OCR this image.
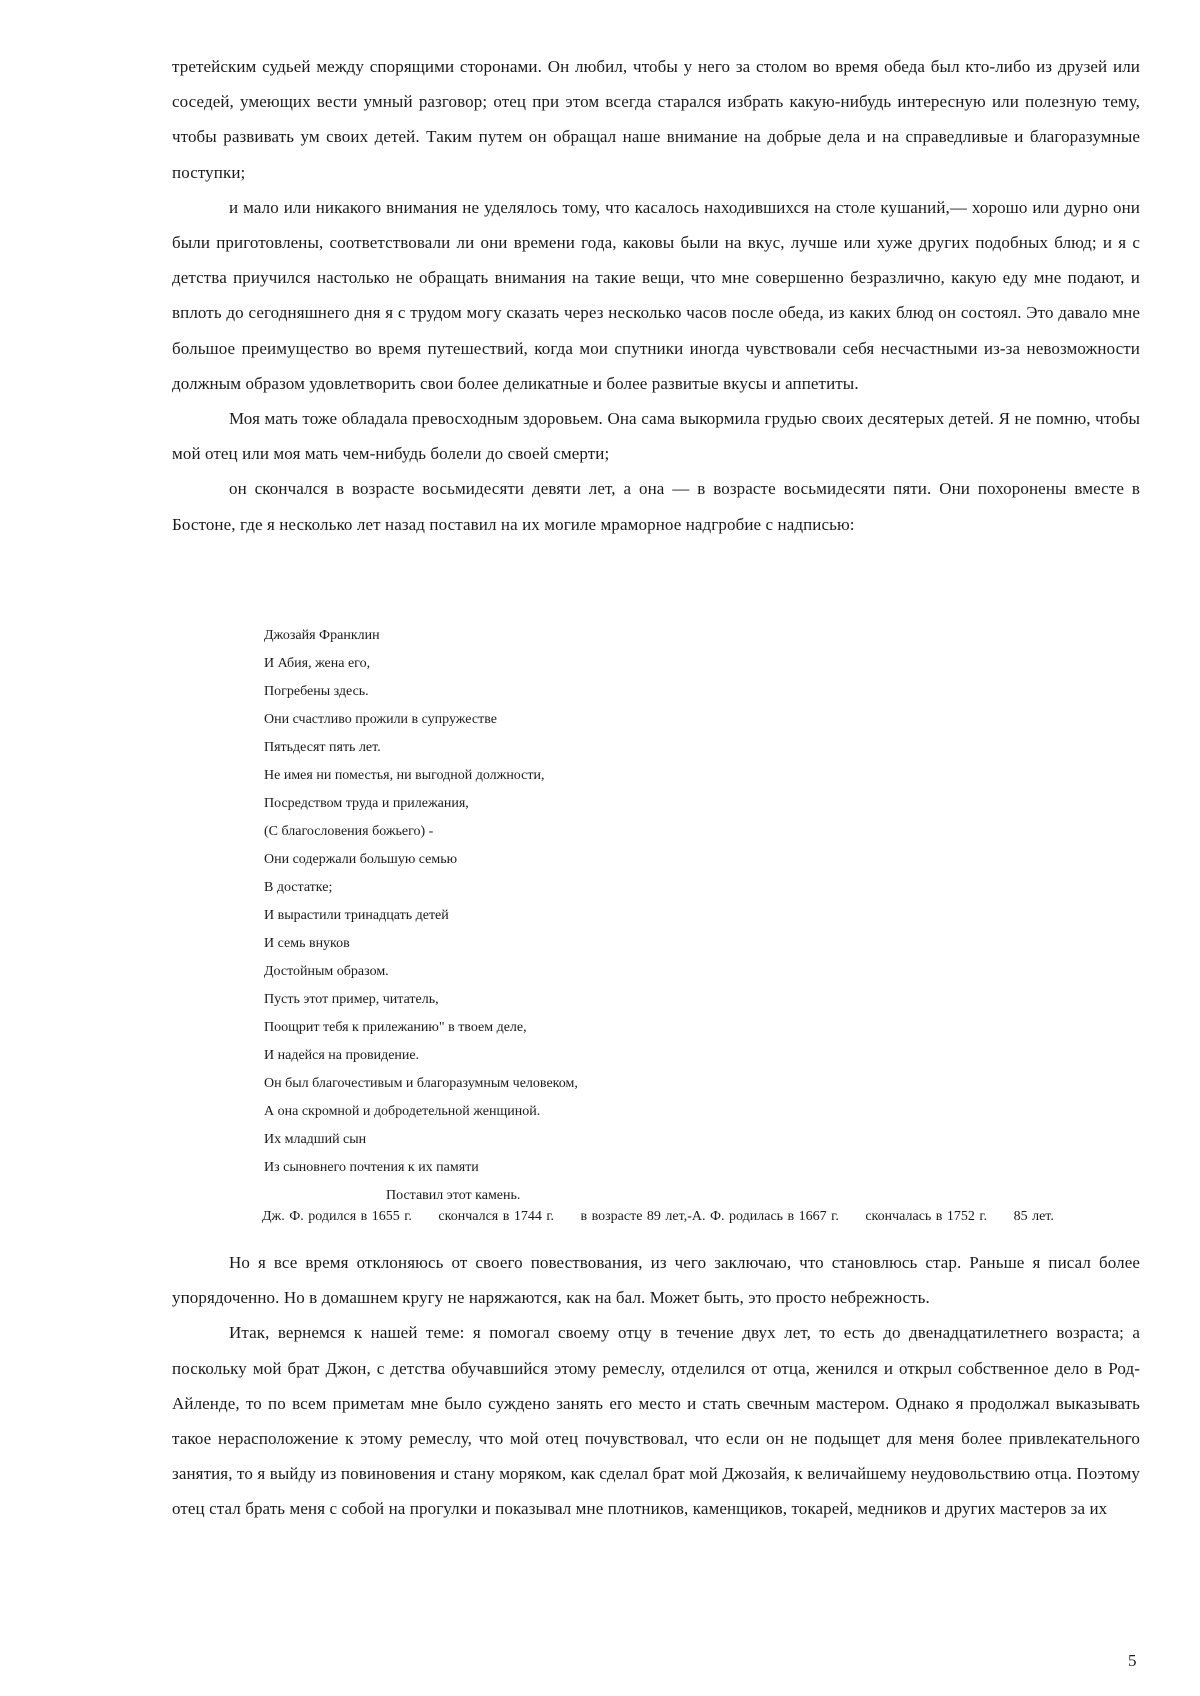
третейским судьей между спорящими сторонами. Он любил, чтобы у него за столом во время обеда был кто-либо из друзей или соседей, умеющих вести умный разговор; отец при этом всегда старался избрать какую-нибудь интересную или полезную тему, чтобы развивать ум своих детей. Таким путем он обращал наше внимание на добрые дела и на справедливые и благоразумные поступки;

и мало или никакого внимания не уделялось тому, что касалось находившихся на столе кушаний,— хорошо или дурно они были приготовлены, соответствовали ли они времени года, каковы были на вкус, лучше или хуже других подобных блюд; и я с детства приучился настолько не обращать внимания на такие вещи, что мне совершенно безразлично, какую еду мне подают, и вплоть до сегодняшнего дня я с трудом могу сказать через несколько часов после обеда, из каких блюд он состоял. Это давало мне большое преимущество во время путешествий, когда мои спутники иногда чувствовали себя несчастными из-за невозможности должным образом удовлетворить свои более деликатные и более развитые вкусы и аппетиты.

Моя мать тоже обладала превосходным здоровьем. Она сама выкормила грудью своих десятерых детей. Я не помню, чтобы мой отец или моя мать чем-нибудь болели до своей смерти;

он скончался в возрасте восьмидесяти девяти лет, а она — в возрасте восьмидесяти пяти. Они похоронены вместе в Бостоне, где я несколько лет назад поставил на их могиле мраморное надгробие с надписью:

Джозайя Франклин
И Абия, жена его,
Погребены здесь.
Они счастливо прожили в супружестве
Пятьдесят пять лет.
Не имея ни поместья, ни выгодной должности,
Посредством труда и прилежания,
(С благословения божьего) -
Они содержали большую семью
В достатке;
И вырастили тринадцать детей
И семь внуков
Достойным образом.
Пусть этот пример, читатель,
Поощрит тебя к прилежанию" в твоем деле,
И надейся на провидение.
Он был благочестивым и благоразумным человеком,
А она скромной и добродетельной женщиной.
Их младший сын
Из сыновнего почтения к их памяти
Поставил этот камень.
Дж. Ф. родился в 1655 г. скончался в 1744 г. в возрасте 89 лет,-А. Ф. родилась в 1667 г. скончалась в 1752 г. 85 лет.

Но я все время отклоняюсь от своего повествования, из чего заключаю, что становлюсь стар. Раньше я писал более упорядоченно. Но в домашнем кругу не наряжаются, как на бал. Может быть, это просто небрежность.

Итак, вернемся к нашей теме: я помогал своему отцу в течение двух лет, то есть до двенадцатилетнего возраста; а поскольку мой брат Джон, с детства обучавшийся этому ремеслу, отделился от отца, женился и открыл собственное дело в Род-Айленде, то по всем приметам мне было суждено занять его место и стать свечным мастером. Однако я продолжал выказывать такое нерасположение к этому ремеслу, что мой отец почувствовал, что если он не подыщет для меня более привлекательного занятия, то я выйду из повиновения и стану моряком, как сделал брат мой Джозайя, к величайшему неудовольствию отца. Поэтому отец стал брать меня с собой на прогулки и показывал мне плотников, каменщиков, токарей, медников и других мастеров за их

5
